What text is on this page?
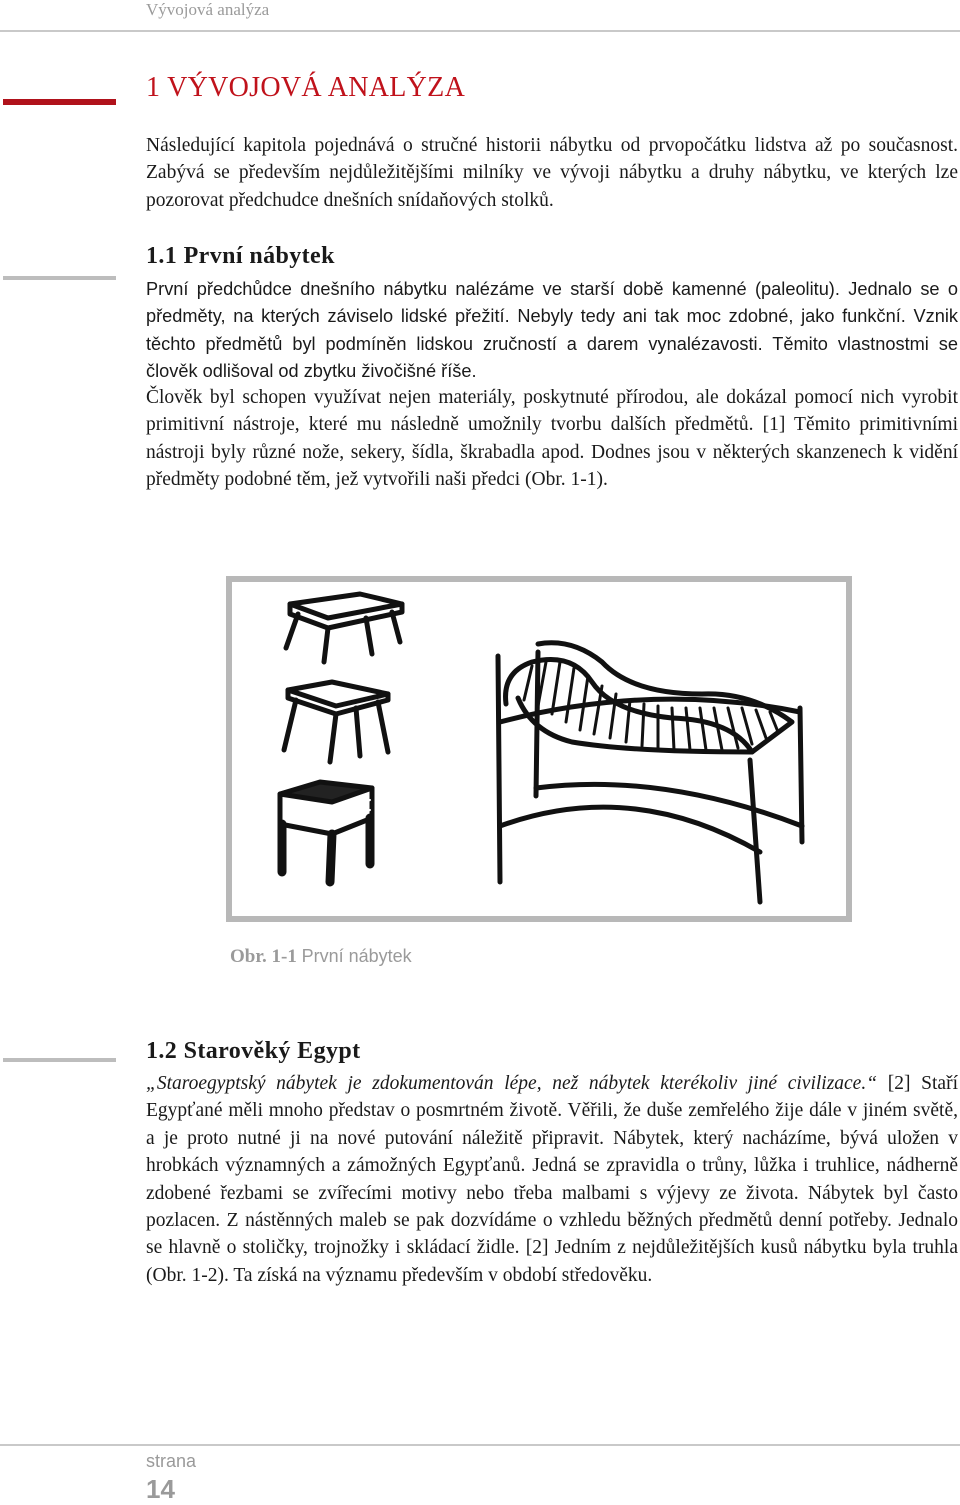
Vývojová analýza
1 VÝVOJOVÁ ANALÝZA

Následující kapitola pojednává o stručné historii nábytku od prvopočátku lidstva až po současnost. Zabývá se především nejdůležitějšími milníky ve vývoji nábytku a druhy nábytku, ve kterých lze pozorovat předchudce dnešních snídaňových stolků.

1.1 První nábytek

První předchůdce dnešního nábytku nalézáme ve starší době kamenné (paleolitu). Jednalo se o předměty, na kterých záviselo lidské přežití. Nebyly tedy ani tak moc zdobné, jako funkční. Vznik těchto předmětů byl podmíněn lidskou zručností a darem vynalézavosti. Těmito vlastnostmi se člověk odlišoval od zbytku živočišné říše.

Člověk byl schopen využívat nejen materiály, poskytnuté přírodou, ale dokázal pomocí nich vyrobit primitivní nástroje, které mu následně umožnily tvorbu dalších předmětů. [1] Těmito primitivními nástroji byly různé nože, sekery, šídla, škrabadla apod. Dodnes jsou v některých skanzenech k vidění předměty podobné těm, jež vytvořili naši předci (Obr. 1-1).

Obr. 1-1 První nábytek
1.2 Starověký Egypt

„Staroegyptský nábytek je zdokumentován lépe, než nábytek kterékoliv jiné civilizace.“ [2] Staří Egypťané měli mnoho představ o posmrtném životě. Věřili, že duše zemřelého žije dále v jiném světě, a je proto nutné ji na nové putování náležitě připravit. Nábytek, který nacházíme, bývá uložen v hrobkách významných a zámožných Egypťanů. Jedná se zpravidla o trůny, lůžka i truhlice, nádherně zdobené řezbami se zvířecími motivy nebo třeba malbami s výjevy ze života. Nábytek byl často pozlacen. Z nástěnných maleb se pak dozvídáme o vzhledu běžných předmětů denní potřeby. Jednalo se hlavně o stoličky, trojnožky i skládací židle. [2] Jedním z nejdůležitějších kusů nábytku byla truhla (Obr. 1-2). Ta získá na významu především v období středověku.

strana
14
